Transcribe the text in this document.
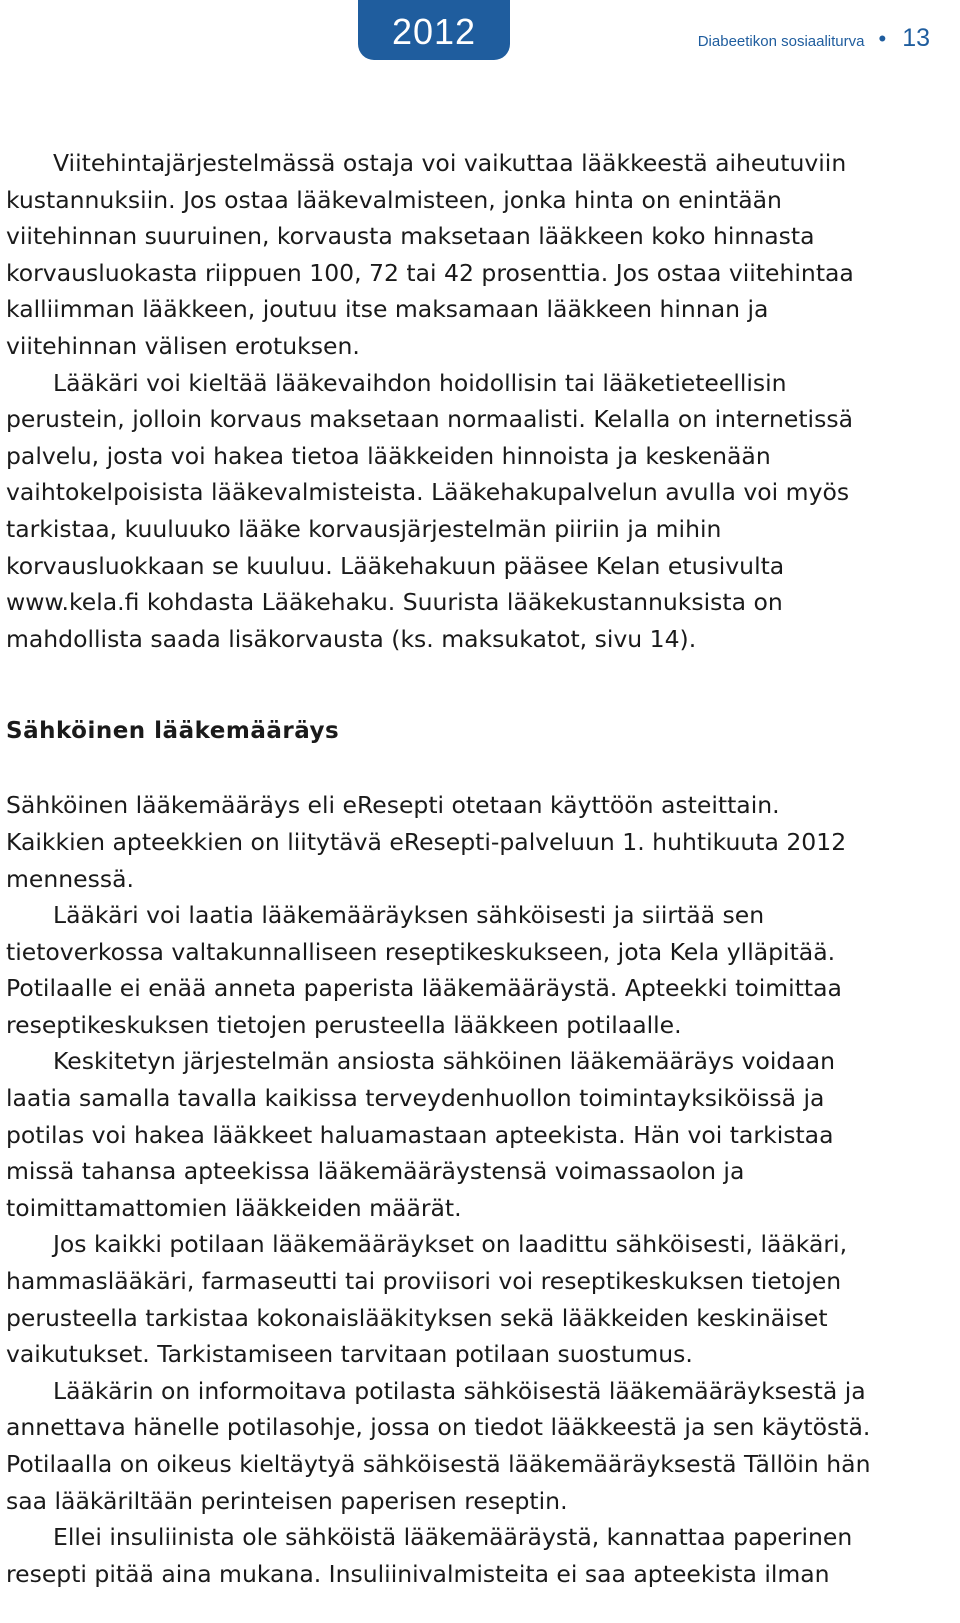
2012	Diabeetikon sosiaaliturva • 13

Viitehintajärjestelmässä ostaja voi vaikuttaa lääkkeestä aiheutuviin kustannuksiin. Jos ostaa lääkevalmisteen, jonka hinta on enintään viitehinnan suuruinen, korvausta maksetaan lääkkeen koko hinnasta korvausluokasta riippuen 100, 72 tai 42 prosenttia. Jos ostaa viitehintaa kalliimman lääkkeen, joutuu itse maksamaan lääkkeen hinnan ja viitehinnan välisen erotuksen.

Lääkäri voi kieltää lääkevaihdon hoidollisin tai lääketieteellisin perustein, jolloin korvaus maksetaan normaalisti. Kelalla on internetissä palvelu, josta voi hakea tietoa lääkkeiden hinnoista ja keskenään vaihtokelpoisista lääkevalmisteista. Lääkehakupalvelun avulla voi myös tarkistaa, kuuluuko lääke korvausjärjestelmän piiriin ja mihin korvausluokkaan se kuuluu. Lääkehakuun pääsee Kelan etusivulta www.kela.fi kohdasta Lääkehaku. Suurista lääkekustannuksista on mahdollista saada lisäkorvausta (ks. maksukatot, sivu 14).

Sähköinen lääkemääräys

Sähköinen lääkemääräys eli eResepti otetaan käyttöön asteittain. Kaikkien apteekkien on liitytävä eResepti-palveluun 1. huhtikuuta 2012 mennessä.

Lääkäri voi laatia lääkemääräyksen sähköisesti ja siirtää sen tietoverkossa valtakunnalliseen reseptikeskukseen, jota Kela ylläpitää. Potilaalle ei enää anneta paperista lääkemääräystä. Apteekki toimittaa reseptikeskuksen tietojen perusteella lääkkeen potilaalle.

Keskitetyn järjestelmän ansiosta sähköinen lääkemääräys voidaan laatia samalla tavalla kaikissa terveydenhuollon toimintayksiköissä ja potilas voi hakea lääkkeet haluamastaan apteekista. Hän voi tarkistaa missä tahansa apteekissa lääkemääräystensä voimassaolon ja toimittamattomien lääkkeiden määrät.

Jos kaikki potilaan lääkemääräykset on laadittu sähköisesti, lääkäri, hammaslääkäri, farmaseutti tai proviisori voi reseptikeskuksen tietojen perusteella tarkistaa kokonaislääkityksen sekä lääkkeiden keskinäiset vaikutukset. Tarkistamiseen tarvitaan potilaan suostumus.

Lääkärin on informoitava potilasta sähköisestä lääkemääräyksestä ja annettava hänelle potilasohje, jossa on tiedot lääkkeestä ja sen käytöstä. Potilaalla on oikeus kieltäytyä sähköisestä lääkemääräyksestä Tällöin hän saa lääkäriltään perinteisen paperisen reseptin.

Ellei insuliinista ole sähköistä lääkemääräystä, kannattaa paperinen resepti pitää aina mukana. Insuliinivalmisteita ei saa apteekista ilman
